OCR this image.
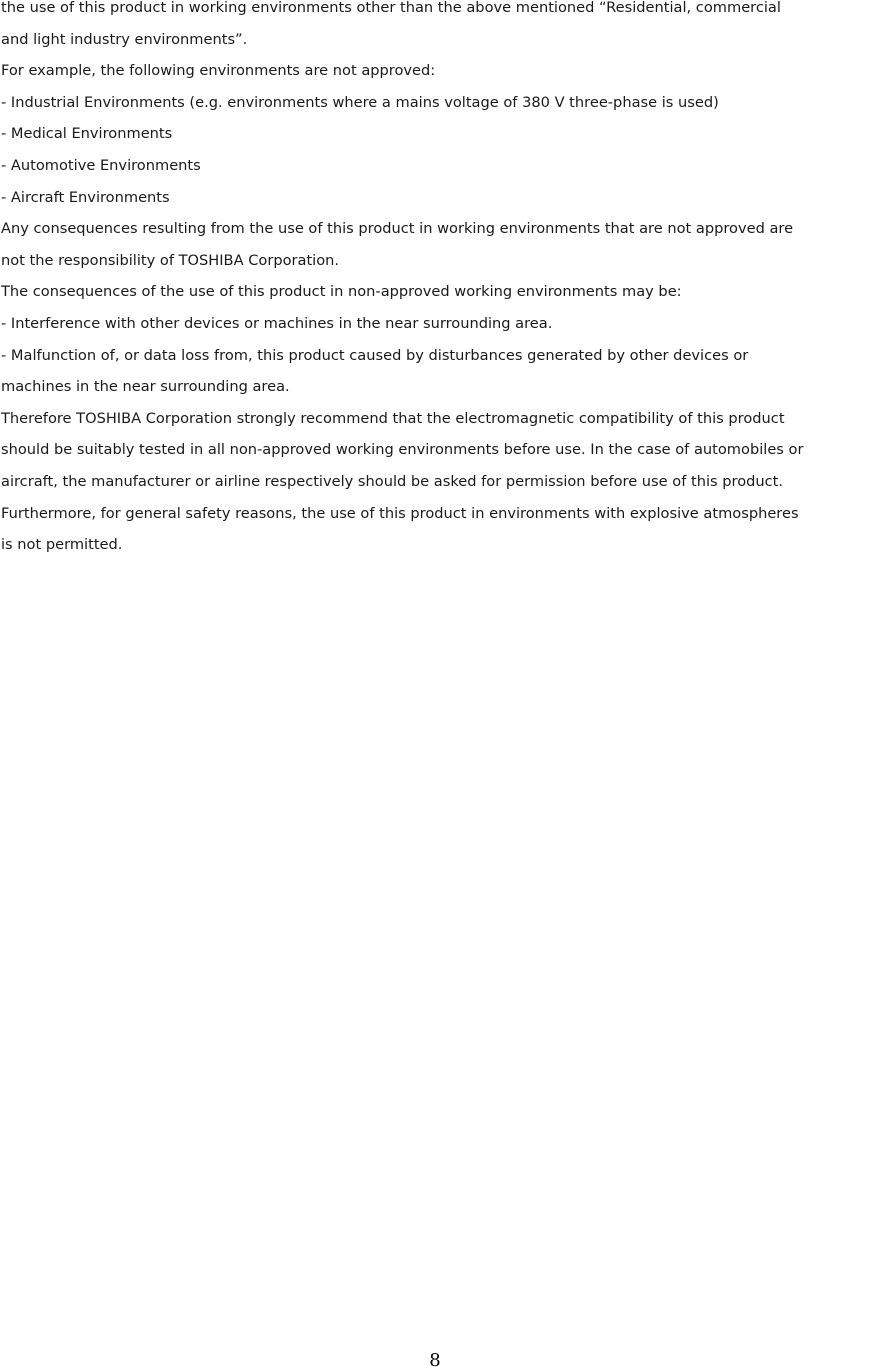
the use of this product in working environments other than the above mentioned “Residential, commercial
and light industry environments”.
For example, the following environments are not approved:
- Industrial Environments (e.g. environments where a mains voltage of 380 V three-phase is used)
- Medical Environments
- Automotive Environments
- Aircraft Environments
Any consequences resulting from the use of this product in working environments that are not approved are
not the responsibility of TOSHIBA Corporation.
The consequences of the use of this product in non-approved working environments may be:
- Interference with other devices or machines in the near surrounding area.
- Malfunction of, or data loss from, this product caused by disturbances generated by other devices or
machines in the near surrounding area.
Therefore TOSHIBA Corporation strongly recommend that the electromagnetic compatibility of this product
should be suitably tested in all non-approved working environments before use. In the case of automobiles or
aircraft, the manufacturer or airline respectively should be asked for permission before use of this product.
Furthermore, for general safety reasons, the use of this product in environments with explosive atmospheres
is not permitted.
8
